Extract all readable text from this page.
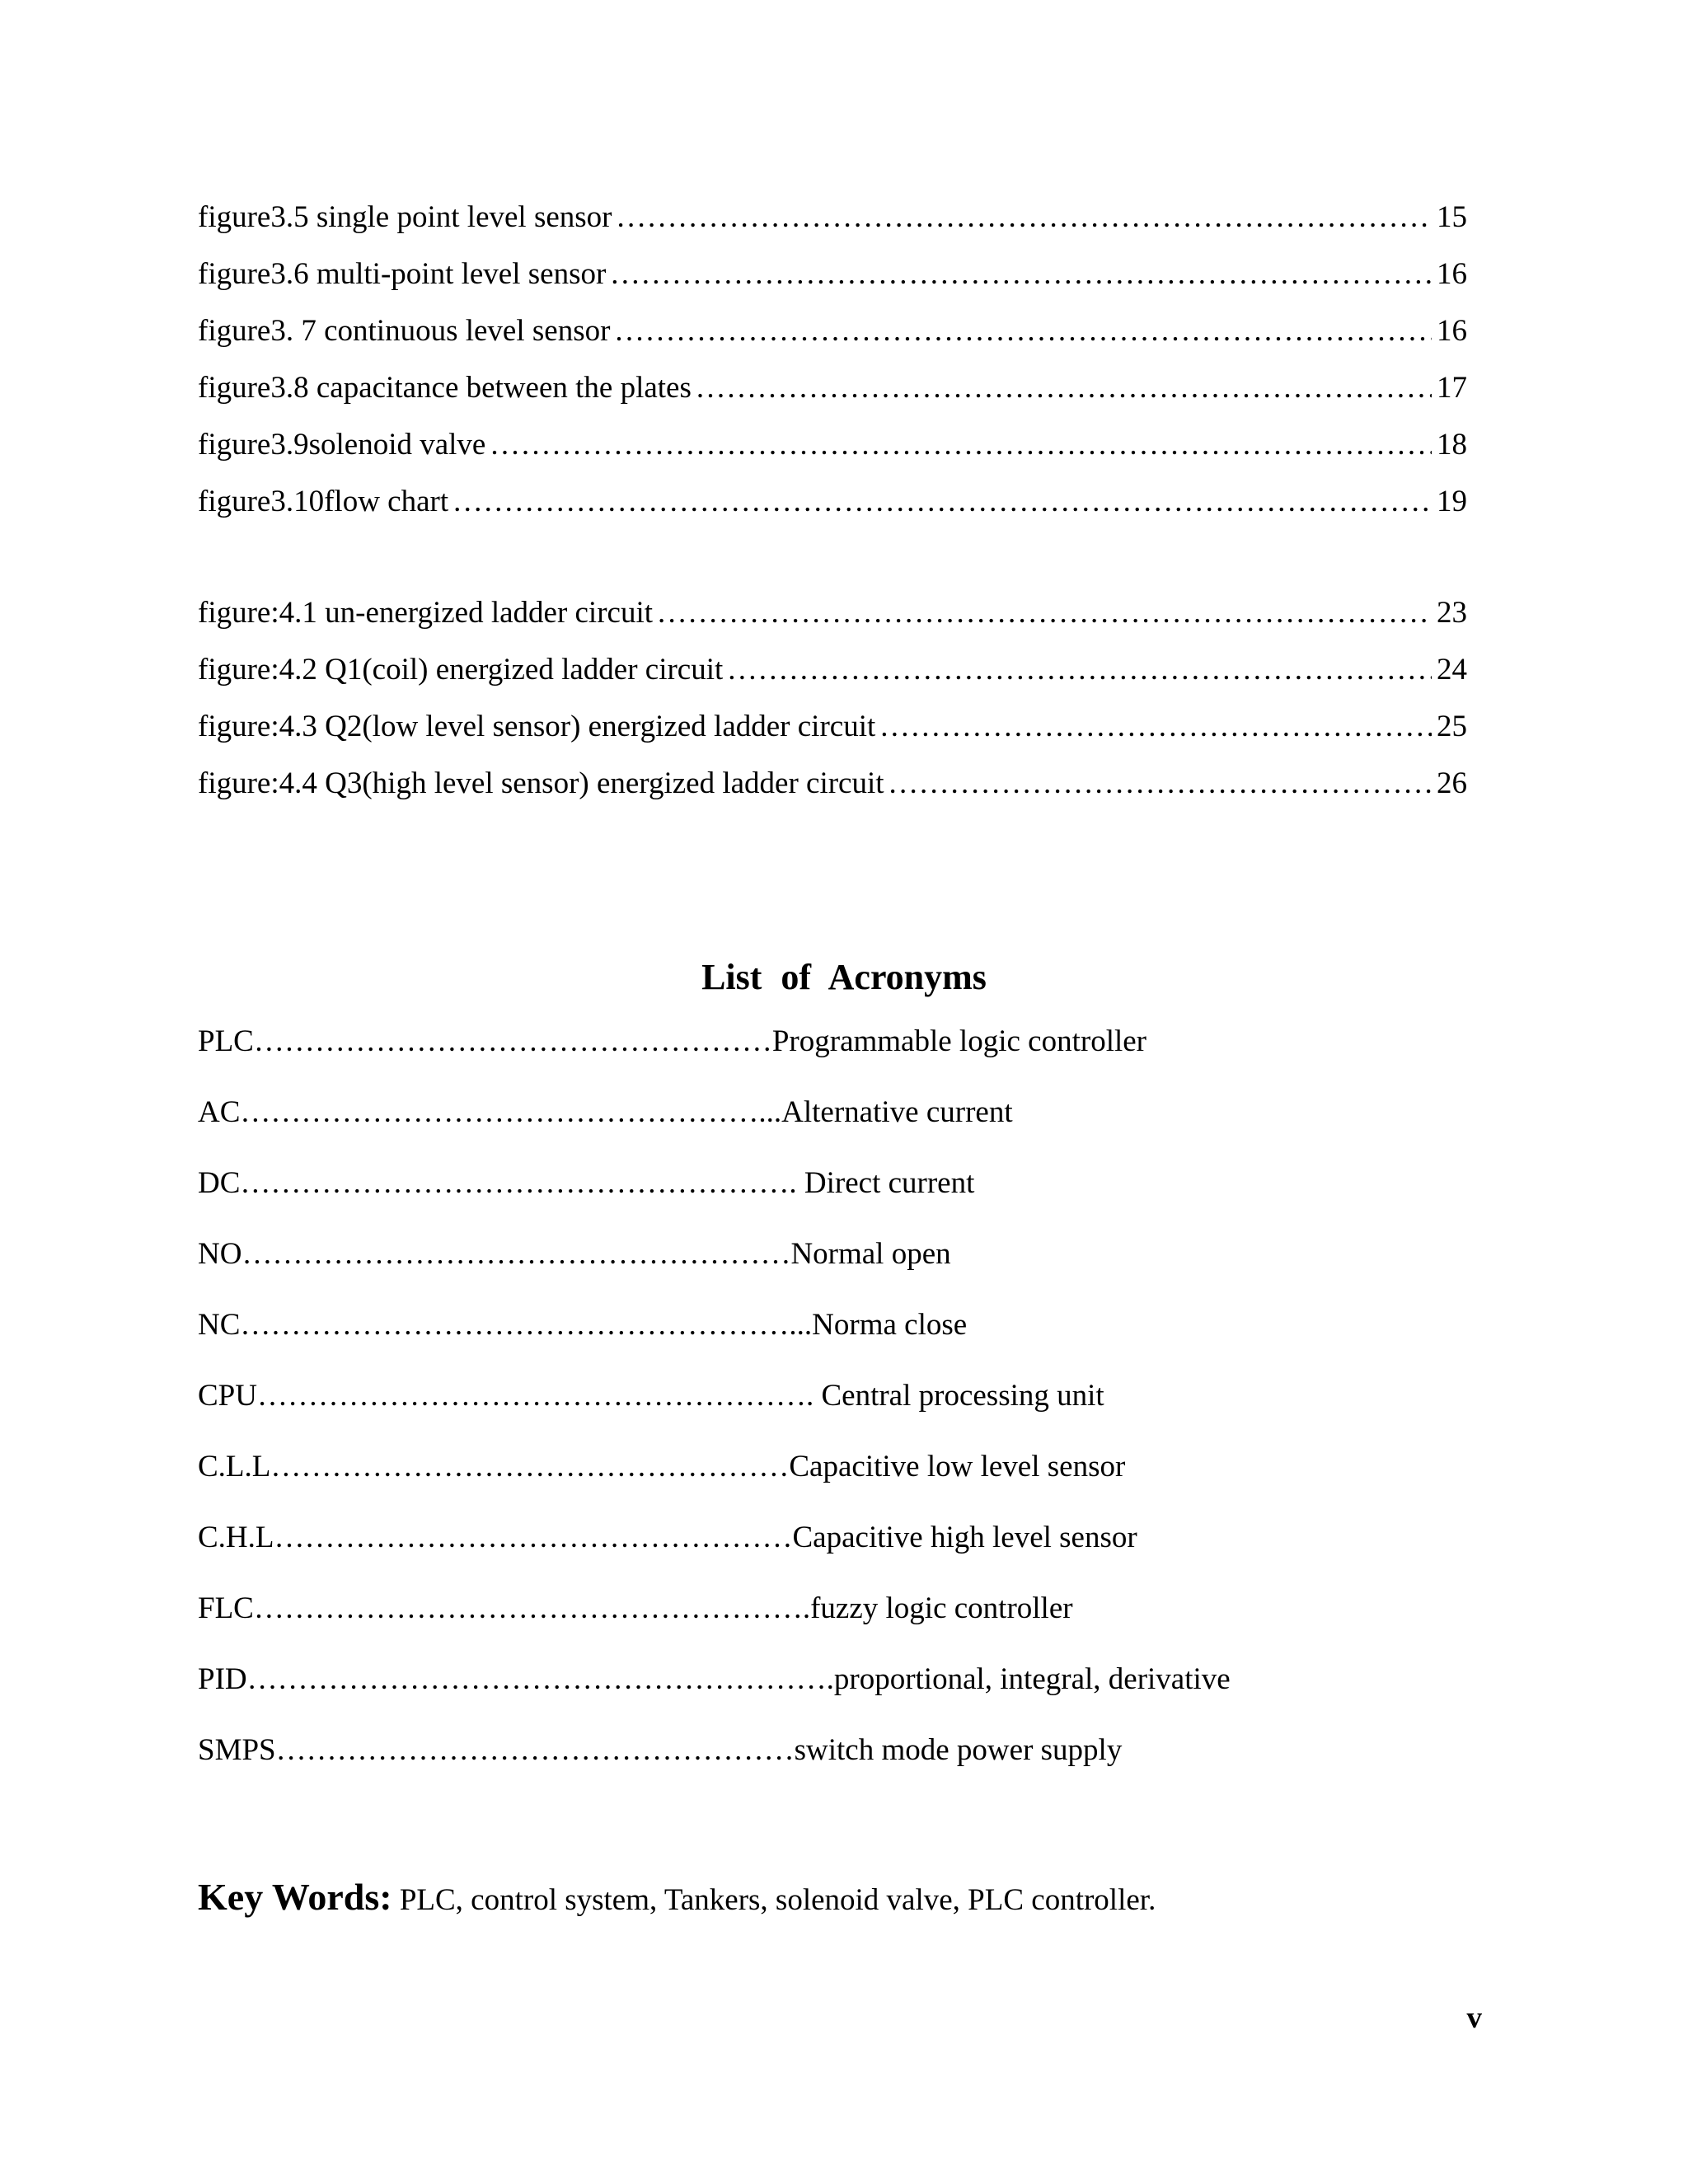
figure3.5 single point level sensor . . .	15
figure3.6 multi-point level sensor . . .	16
figure3. 7 continuous level sensor . . .	16
figure3.8 capacitance between the plates . . .	17
figure3.9solenoid valve . . .	18
figure3.10flow chart . . .	19
figure:4.1 un-energized ladder circuit . . .	23
figure:4.2 Q1(coil) energized ladder circuit . . .	24
figure:4.3 Q2(low level sensor) energized ladder circuit . . .	25
figure:4.4 Q3(high level sensor) energized ladder circuit . . .	26
List of Acronyms
PLC……………………………………………Programmable logic controller
AC……………………………………………...Alternative current
DC………………………………………………. Direct current
NO………………………………………………Normal open
NC………………………………………………...Norma close
CPU………………………………………………. Central processing unit
C.L.L……………………………………………Capacitive low level sensor
C.H.L……………………………………………Capacitive high level sensor
FLC……………………………………………….fuzzy logic controller
PID………………………………………………….proportional, integral, derivative
SMPS……………………………………………switch mode power supply
Key Words: PLC, control system, Tankers, solenoid valve, PLC controller.
v
